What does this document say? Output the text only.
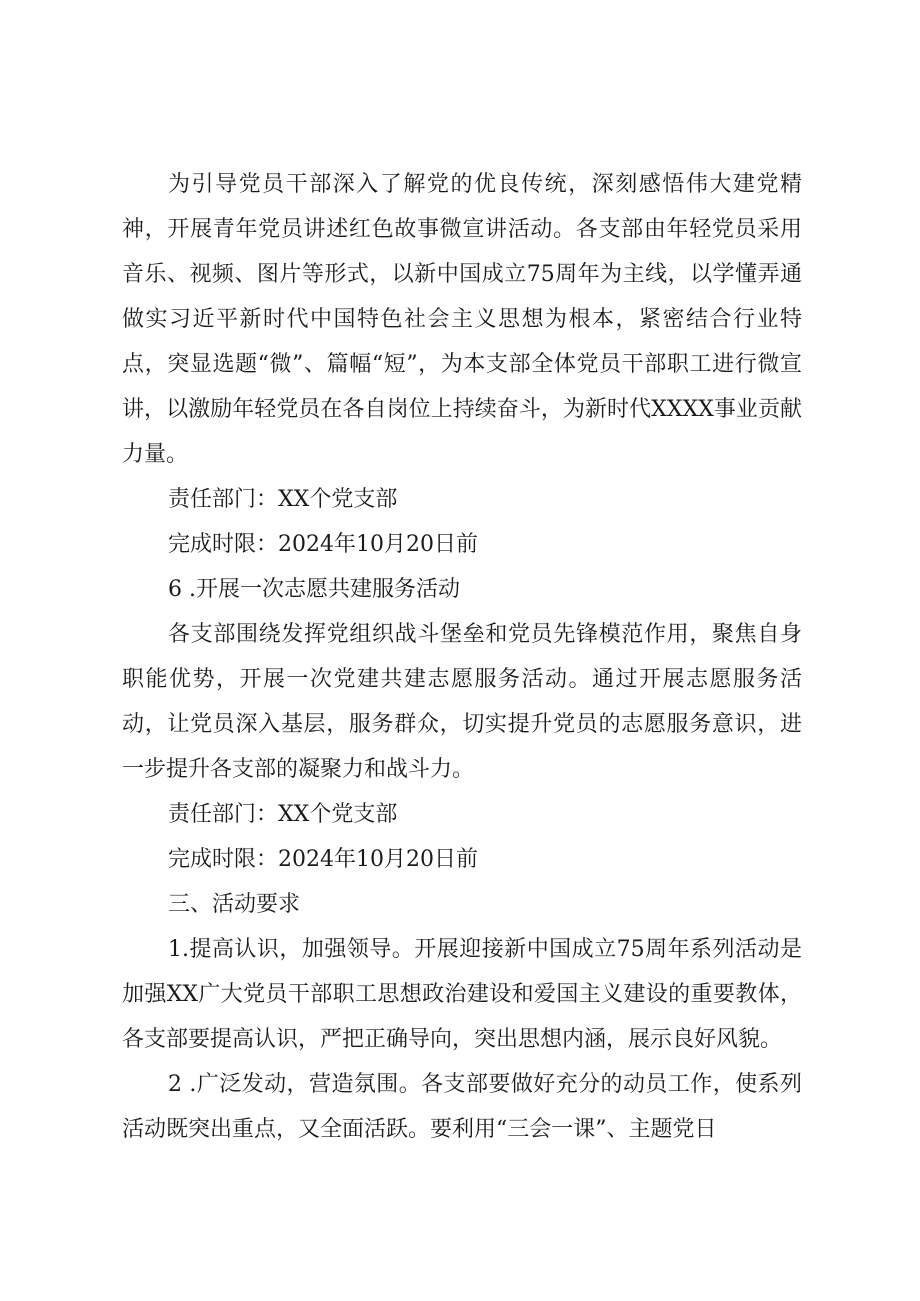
为引导党员干部深入了解党的优良传统，深刻感悟伟大建党精神，开展青年党员讲述红色故事微宣讲活动。各支部由年轻党员采用音乐、视频、图片等形式，以新中国成立75周年为主线，以学懂弄通做实习近平新时代中国特色社会主义思想为根本，紧密结合行业特点，突显选题“微”、篇幅“短”，为本支部全体党员干部职工进行微宣讲，以激励年轻党员在各自岗位上持续奋斗，为新时代XXXX事业贡献力量。

责任部门：XX个党支部

完成时限：2024年10月20日前

6 .开展一次志愿共建服务活动

各支部围绕发挥党组织战斗堡垒和党员先锋模范作用，聚焦自身职能优势，开展一次党建共建志愿服务活动。通过开展志愿服务活动，让党员深入基层，服务群众，切实提升党员的志愿服务意识，进一步提升各支部的凝聚力和战斗力。

责任部门：XX个党支部

完成时限：2024年10月20日前

三、活动要求

1.提高认识，加强领导。开展迎接新中国成立75周年系列活动是加强XX广大党员干部职工思想政治建设和爱国主义建设的重要教体，各支部要提高认识，严把正确导向，突出思想内涵，展示良好风貌。

2 .广泛发动，营造氛围。各支部要做好充分的动员工作，使系列活动既突出重点，又全面活跃。要利用“三会一课”、主题党日
